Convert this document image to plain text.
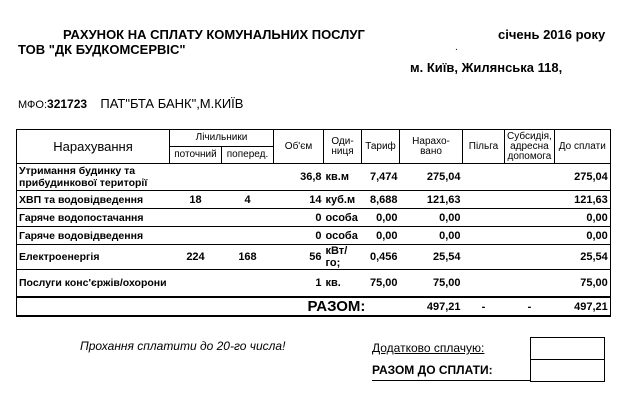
РАХУНОК НА СПЛАТУ КОМУНАЛЬНИХ ПОСЛУГ
ТОВ "ДК БУДКОМСЕРВІС"
січень 2016 року
.
м. Київ, Жилянська 118,
МФО:321723 ПАТ"БТА БАНК",М.КИЇВ
Нарахування	Лічильники		Об'єм	Оди-ниця	Тариф	Нарахо-вано	Пільга	Субсидія, адресна допомога	До сплати
	поточний	поперед.							
Утримання будинку та прибудинкової території			36,8	кв.м	7,474	275,04			275,04
ХВП та водовідведення	18	4	14	куб.м	8,688	121,63			121,63
Гаряче водопостачання			0	особа	0,00	0,00			0,00
Гаряче водовідведення			0	особа	0,00	0,00			0,00
Електроенергія	224	168	56	кВт/го;	0,456	25,54			25,54
Послуги конс'єржів/охорони			1	кв.	75,00	75,00			75,00
			РАЗОМ:			497,21	-	-	497,21
Прохання сплатити до 20-го числа!	Додатково сплачую:
РАЗОМ ДО СПЛАТИ:
